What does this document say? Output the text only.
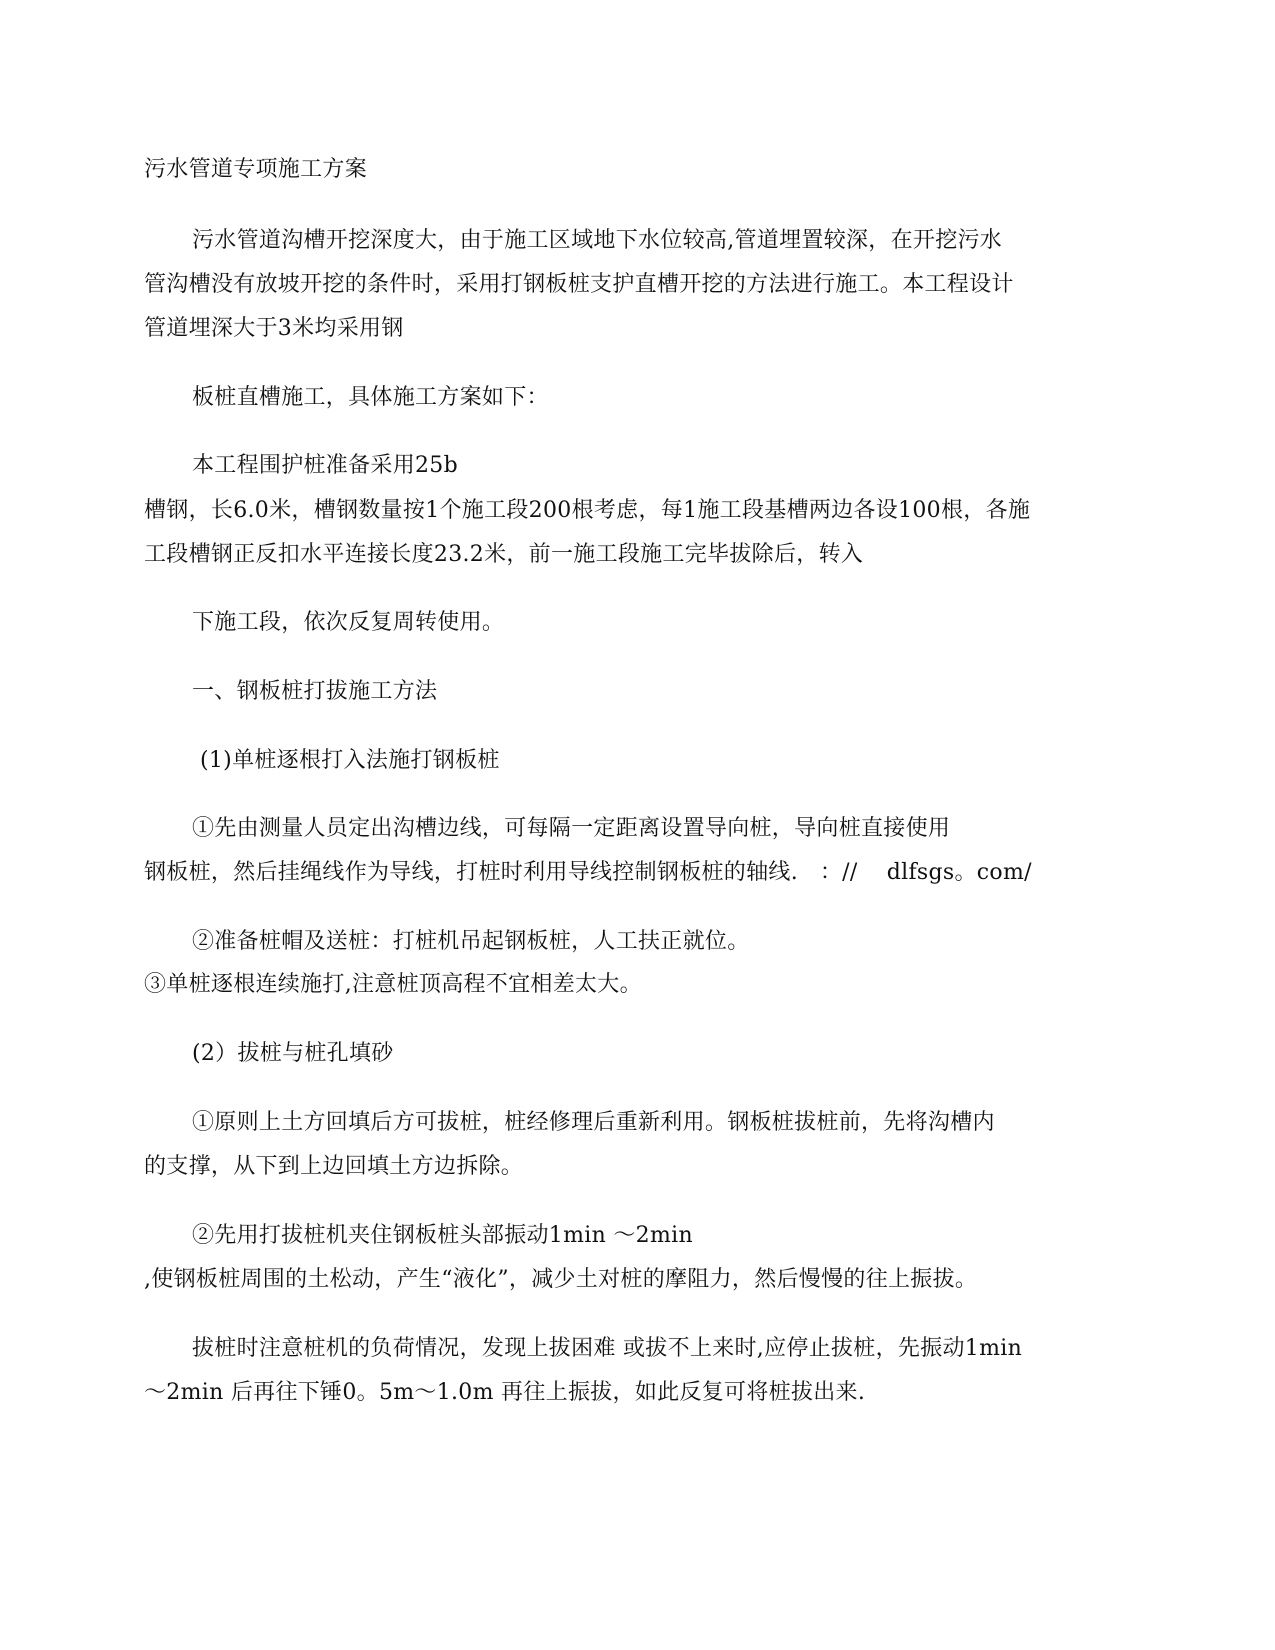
污水管道专项施工方案
污水管道沟槽开挖深度大，由于施工区域地下水位较高,管道埋置较深，在开挖污水
管沟槽没有放坡开挖的条件时，采用打钢板桩支护直槽开挖的方法进行施工。本工程设计
管道埋深大于3米均采用钢
板桩直槽施工，具体施工方案如下：
本工程围护桩准备采用25b
槽钢，长6.0米，槽钢数量按1个施工段200根考虑，每1施工段基槽两边各设100根，各施
工段槽钢正反扣水平连接长度23.2米，前一施工段施工完毕拔除后，转入
下施工段，依次反复周转使用。
一、钢板桩打拔施工方法
(1)单桩逐根打入法施打钢板桩
①先由测量人员定出沟槽边线，可每隔一定距离设置导向桩，导向桩直接使用
钢板桩，然后挂绳线作为导线，打桩时利用导线控制钢板桩的轴线.   ：//    dlfsgs。com/
②准备桩帽及送桩：打桩机吊起钢板桩，人工扶正就位。
③单桩逐根连续施打,注意桩顶高程不宜相差太大。
(2）拔桩与桩孔填砂
①原则上土方回填后方可拔桩，桩经修理后重新利用。钢板桩拔桩前，先将沟槽内
的支撑，从下到上边回填土方边拆除。
②先用打拔桩机夹住钢板桩头部振动1min ～2min
,使钢板桩周围的土松动，产生“液化”，减少土对桩的摩阻力，然后慢慢的往上振拔。
拔桩时注意桩机的负荷情况，发现上拔困难 或拔不上来时,应停止拔桩，先振动1min
～2min 后再往下锤0。5m～1.0m 再往上振拔，如此反复可将桩拔出来.
